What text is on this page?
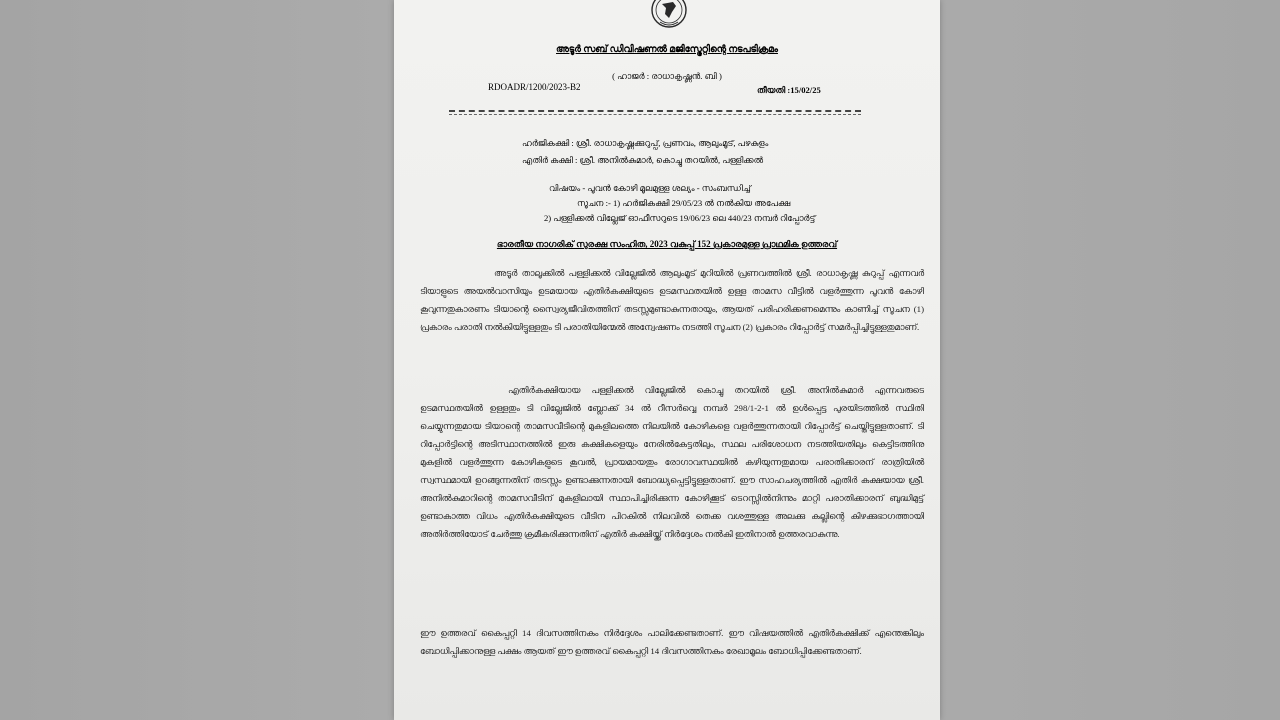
അടൂർ സബ് ഡിവിഷണൽ മജിസ്ട്രേറ്റിന്റെ നടപടിക്രമം
( ഹാജർ : രാധാകൃഷ്ണൻ. ബി )
RDOADR/1200/2023-B2	തീയതി :15/02/25
ഹർജികക്ഷി : ശ്രീ. രാധാകൃഷ്ണക്കുറുപ്പ്, പ്രണവം, ആലുംമൂട്, പഴകുളം
എതിർ കക്ഷി : ശ്രീ. അനിൽകുമാർ, കൊച്ചു തറയിൽ, പള്ളിക്കൽ
വിഷയം - പൂവൻ കോഴി മൂലമുള്ള ശല്യം - സംബന്ധിച്ച്
സൂചന :- 1) ഹർജികക്ഷി 29/05/23 ൽ നൽകിയ അപേക്ഷ
2) പള്ളിക്കൽ വില്ലേജ് ഓഫീസറുടെ 19/06/23 ലെ 440/23 നമ്പർ റിപ്പോർട്ട്
ഭാരതീയ നാഗരിക് സുരക്ഷ സംഹിത, 2023 വകുപ്പ് 152 പ്രകാരമുള്ള പ്രാഥമിക ഉത്തരവ്
അടൂർ താലൂക്കിൽ പള്ളിക്കൽ വില്ലേജിൽ ആലുംമൂട് മുറിയിൽ പ്രണവത്തിൽ ശ്രീ. രാധാകൃഷ്ണ കുറുപ്പ് എന്നവർ ടിയാളുടെ അയൽവാസിയും ഉടമയായ എതിർകക്ഷിയുടെ ഉടമസ്ഥതയിൽ ഉള്ള താമസ വീട്ടിൽ വളർത്തുന്ന പൂവൻ കോഴി കൂവുന്നതുകാരണം ടിയാന്റെ സ്വൈര്യജീവിതത്തിന് തടസ്സമുണ്ടാകുന്നതായും, ആയത് പരിഹരിക്കണമെന്നും കാണിച്ച് സൂചന (1) പ്രകാരം പരാതി നൽകിയിട്ടുള്ളതും ടി പരാതിയിന്മേൽ അന്വേഷണം നടത്തി സൂചന (2) പ്രകാരം റിപ്പോർട്ട് സമർപ്പിച്ചിട്ടുള്ളതുമാണ്.
എതിർകക്ഷിയായ പള്ളിക്കൽ വില്ലേജിൽ കൊച്ചു തറയിൽ ശ്രീ. അനിൽകുമാർ എന്നവരുടെ ഉടമസ്ഥതയിൽ ഉള്ളതും ടി വില്ലേജിൽ ബ്ലോക്ക് 34 ൽ റീസർവ്വെ നമ്പർ 298/1-2-1 ൽ ഉൾപ്പെട്ട പുരയിടത്തിൽ സ്ഥിതി ചെയ്യുന്നതുമായ ടിയാന്റെ താമസവീടിന്റെ മുകളിലത്തെ നിലയിൽ കോഴികളെ വളർത്തുന്നതായി റിപ്പോർട്ട് ചെയ്തിട്ടുള്ളതാണ്. ടി റിപ്പോർട്ടിന്റെ അടിസ്ഥാനത്തിൽ ഇരു കക്ഷികളെയും നേരിൽകേട്ടതിലും, സ്ഥല പരിശോധന നടത്തിയതിലും കെട്ടിടത്തിനു മുകളിൽ വളർത്തുന്ന കോഴികളുടെ കൂവൽ, പ്രായമായതും രോഗാവസ്ഥയിൽ കഴിയുന്നതുമായ പരാതിക്കാരന് രാത്രിയിൽ സ്വസ്ഥമായി ഉറങ്ങുന്നതിന് തടസ്സം ഉണ്ടാക്കുന്നതായി ബോദ്ധ്യപ്പെട്ടിട്ടുള്ളതാണ്. ഈ സാഹചര്യത്തിൽ എതിർ കക്ഷയായ ശ്രീ. അനിൽകുമാറിന്റെ താമസവീടിന് മുകളിലായി സ്ഥാപിച്ചിരിക്കുന്ന കോഴിക്കൂട് ടെറസ്സിൽനിന്നും മാറ്റി പരാതിക്കാരന് ബുദ്ധിമുട്ട് ഉണ്ടാകാത്ത വിധം എതിർകക്ഷിയുടെ വീടിന പിറകിൽ നിലവിൽ തെക്ക വശത്തുള്ള അലക്കു കല്ലിന്റെ കിഴക്കുഭാഗത്തായി അതിർത്തിയോട് ചേർത്തു ക്രമീകരിക്കുന്നതിന് എതിർ കക്ഷിയ്ക്ക് നിർദ്ദേശം നൽകി ഇതിനാൽ ഉത്തരവാകുന്നു.
ഈ ഉത്തരവ് കൈപ്പറ്റി 14 ദിവസത്തിനകം നിർദ്ദേശം പാലിക്കേണ്ടതാണ്. ഈ വിഷയത്തിൽ എതിർകക്ഷിക്ക് എന്തെങ്കിലും ബോധിപ്പിക്കാനുള്ള പക്ഷം ആയത് ഈ ഉത്തരവ് കൈപ്പറ്റി 14 ദിവസത്തിനകം രേഖാമൂലം ബോധിപ്പിക്കേണ്ടതാണ്.
